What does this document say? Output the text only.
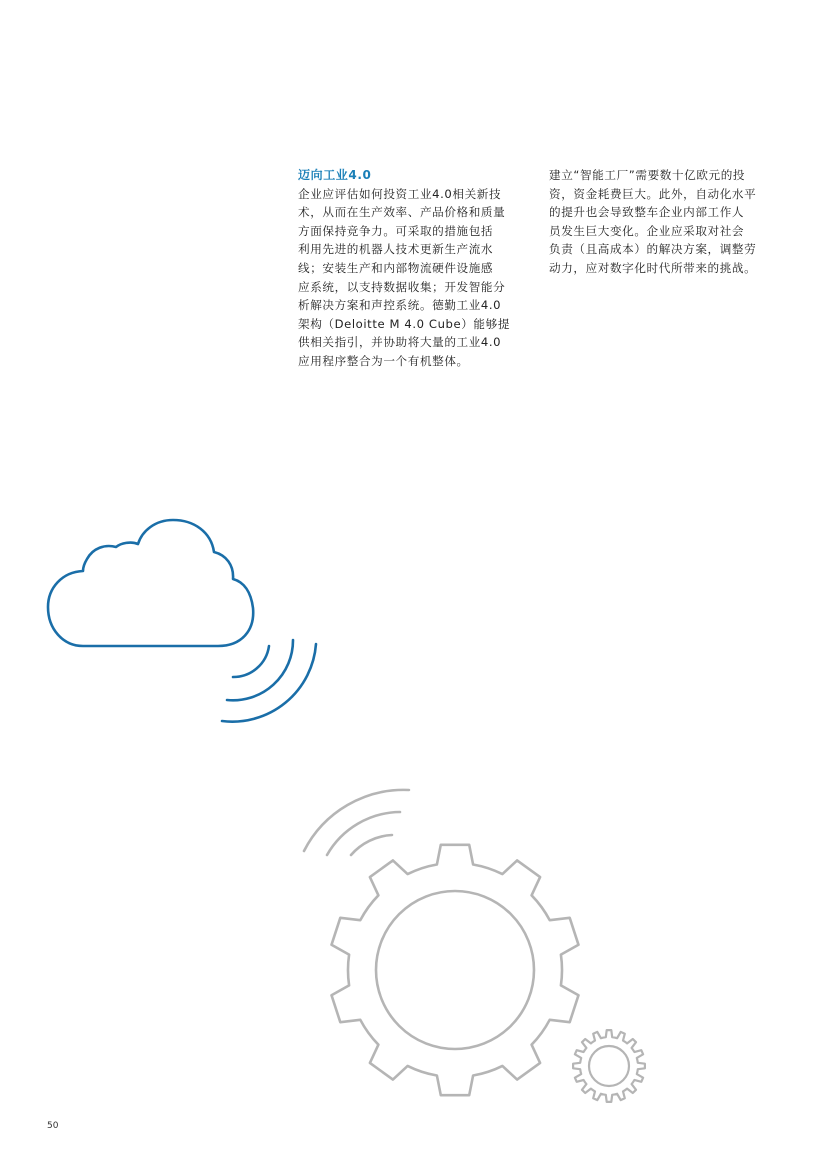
迈向工业4.0
企业应评估如何投资工业4.0相关新技
术，从而在生产效率、产品价格和质量
方面保持竞争力。可采取的措施包括
利用先进的机器人技术更新生产流水
线；安装生产和内部物流硬件设施感
应系统，以支持数据收集；开发智能分
析解决方案和声控系统。德勤工业4.0
架构（Deloitte M 4.0 Cube）能够提
供相关指引，并协助将大量的工业4.0
应用程序整合为一个有机整体。
建立“智能工厂”需要数十亿欧元的投
资，资金耗费巨大。此外，自动化水平
的提升也会导致整车企业内部工作人
员发生巨大变化。企业应采取对社会
负责（且高成本）的解决方案，调整劳
动力，应对数字化时代所带来的挑战。
50
